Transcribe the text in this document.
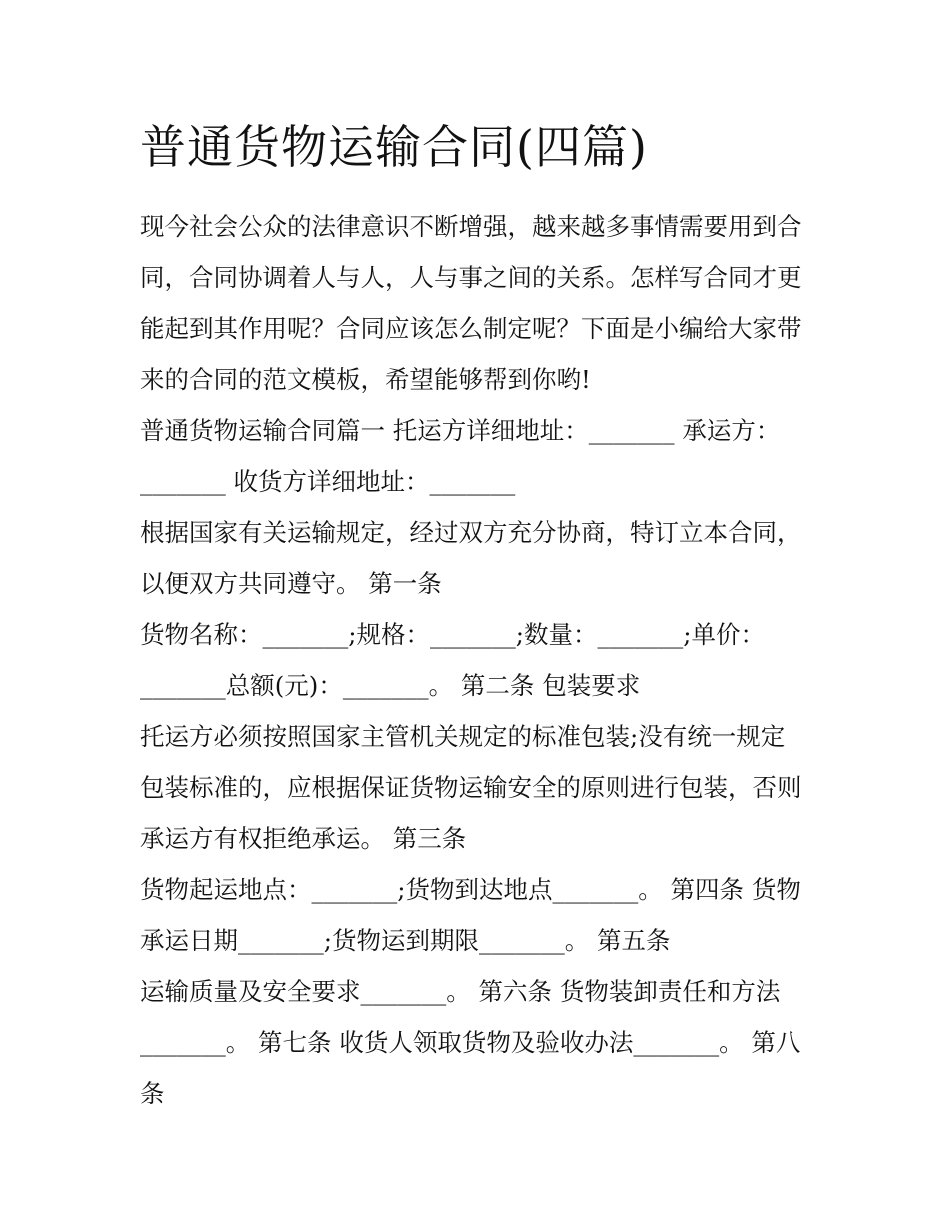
普通货物运输合同(四篇)
现今社会公众的法律意识不断增强，越来越多事情需要用到合
同，合同协调着人与人，人与事之间的关系。怎样写合同才更
能起到其作用呢？合同应该怎么制定呢？下面是小编给大家带
来的合同的范文模板，希望能够帮到你哟!
普通货物运输合同篇一 托运方详细地址：_______ 承运方：
_______ 收货方详细地址：_______
根据国家有关运输规定，经过双方充分协商，特订立本合同，
以便双方共同遵守。 第一条
货物名称：_______;规格：_______;数量：_______;单价：
_______总额(元)：_______。 第二条 包装要求
托运方必须按照国家主管机关规定的标准包装;没有统一规定
包装标准的，应根据保证货物运输安全的原则进行包装，否则
承运方有权拒绝承运。 第三条
货物起运地点：_______;货物到达地点_______。 第四条 货物
承运日期_______;货物运到期限_______。 第五条
运输质量及安全要求_______。 第六条 货物装卸责任和方法
_______。 第七条 收货人领取货物及验收办法_______。 第八
条
